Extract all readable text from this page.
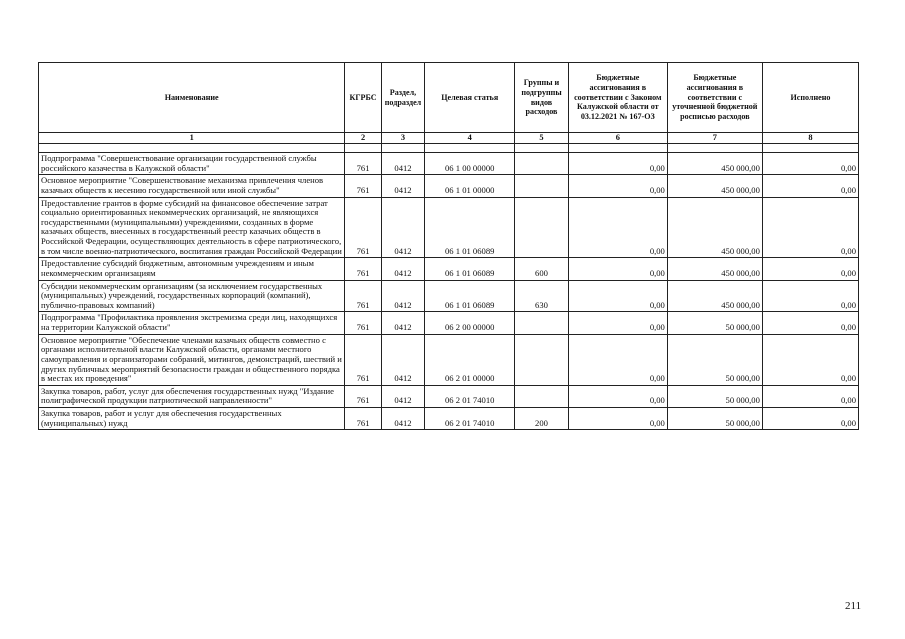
Наименование	КГРБС	Раздел, подраздел	Целевая статья	Группы и подгруппы видов расходов	Бюджетные ассигнования в соответствии с Законом Калужской области от 03.12.2021 № 167-ОЗ	Бюджетные ассигнования в соответствии с уточненной бюджетной росписью расходов	Исполнено
1	2	3	4	5	6	7	8

Подпрограмма "Совершенствование организации государственной службы российского казачества в Калужской области"	761	0412	06 1 00 00000		0,00	450 000,00	0,00
Основное мероприятие "Совершенствование механизма привлечения членов казачьих обществ к несению государственной или иной службы"	761	0412	06 1 01 00000		0,00	450 000,00	0,00
Предоставление грантов в форме субсидий на финансовое обеспечение затрат социально ориентированных некоммерческих организаций, не являющихся государственными (муниципальными) учреждениями, созданных в форме казачьих обществ, внесенных в государственный реестр казачьих обществ в Российской Федерации, осуществляющих деятельность в сфере патриотического, в том числе военно-патриотического, воспитания граждан Российской Федерации	761	0412	06 1 01 06089		0,00	450 000,00	0,00
Предоставление субсидий бюджетным, автономным учреждениям и иным некоммерческим организациям	761	0412	06 1 01 06089	600	0,00	450 000,00	0,00
Субсидии некоммерческим организациям (за исключением государственных (муниципальных) учреждений, государственных корпораций (компаний), публично-правовых компаний)	761	0412	06 1 01 06089	630	0,00	450 000,00	0,00
Подпрограмма "Профилактика проявления экстремизма среди лиц, находящихся на территории Калужской области"	761	0412	06 2 00 00000		0,00	50 000,00	0,00
Основное мероприятие "Обеспечение членами казачьих обществ совместно с органами исполнительной власти Калужской области, органами местного самоуправления и организаторами собраний, митингов, демонстраций, шествий и других публичных мероприятий безопасности граждан и общественного порядка в местах их проведения"	761	0412	06 2 01 00000		0,00	50 000,00	0,00
Закупка товаров, работ, услуг для обеспечения государственных нужд "Издание полиграфической продукции патриотической направленности"	761	0412	06 2 01 74010		0,00	50 000,00	0,00
Закупка товаров, работ и услуг для обеспечения государственных (муниципальных) нужд	761	0412	06 2 01 74010	200	0,00	50 000,00	0,00
211
